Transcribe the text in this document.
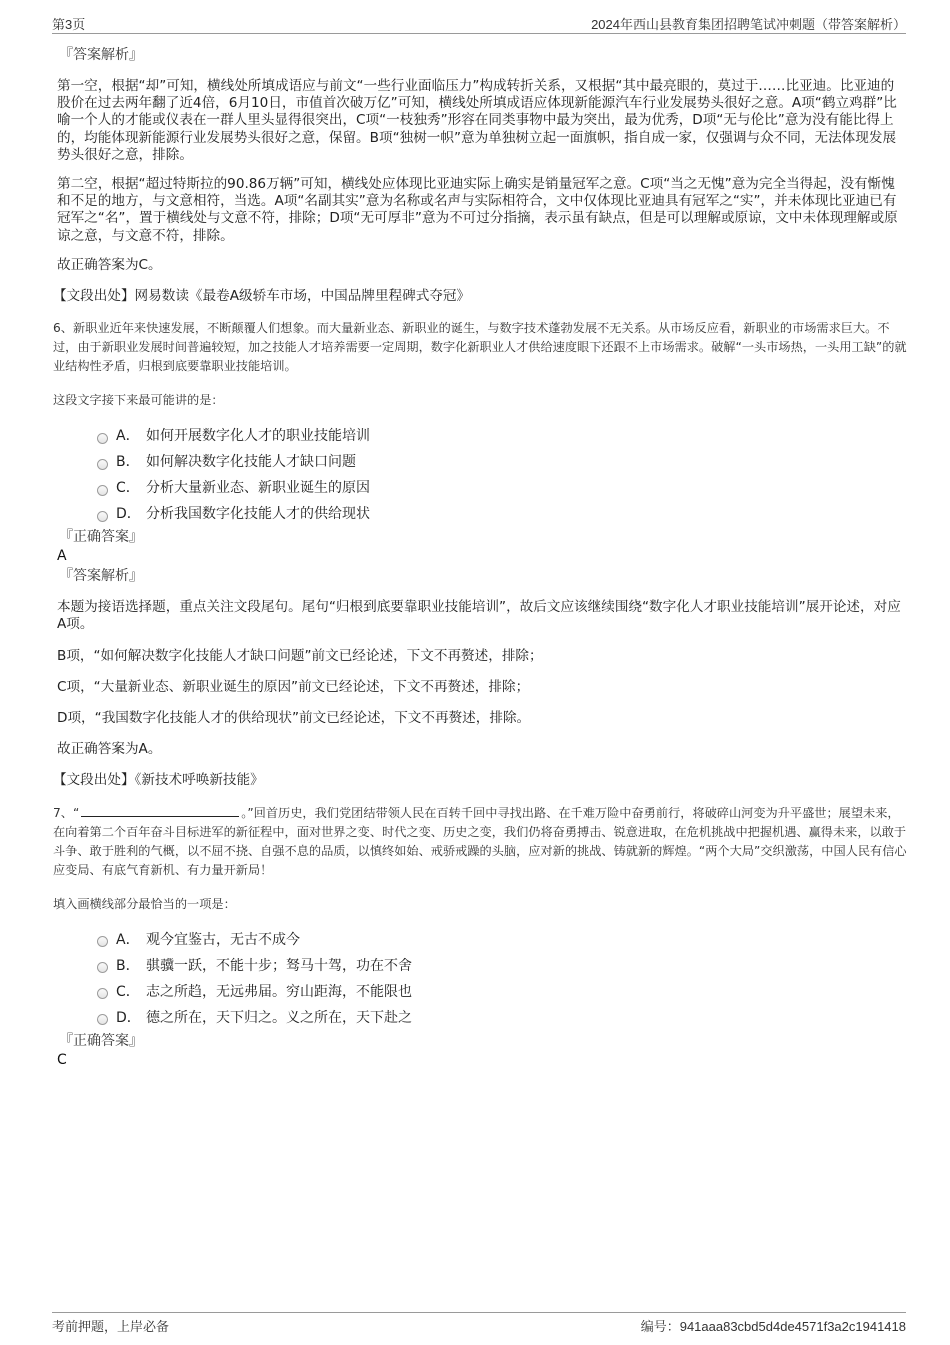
第3页	2024年西山县教育集团招聘笔试冲刺题（带答案解析）
『答案解析』

第一空，根据“却”可知，横线处所填成语应与前文“一些行业面临压力”构成转折关系，又根据“其中最亮眼的，莫过于……比亚迪。比亚迪的股价在过去两年翻了近4倍，6月10日，市值首次破万亿”可知，横线处所填成语应体现新能源汽车行业发展势头很好之意。A项“鹤立鸡群”比喻一个人的才能或仪表在一群人里头显得很突出，C项“一枝独秀”形容在同类事物中最为突出，最为优秀，D项“无与伦比”意为没有能比得上的，均能体现新能源行业发展势头很好之意，保留。B项“独树一帜”意为单独树立起一面旗帜，指自成一家，仅强调与众不同，无法体现发展势头很好之意，排除。

第二空，根据“超过特斯拉的90.86万辆”可知，横线处应体现比亚迪实际上确实是销量冠军之意。C项“当之无愧”意为完全当得起，没有惭愧和不足的地方，与文意相符，当选。A项“名副其实”意为名称或名声与实际相符合，文中仅体现比亚迪具有冠军之“实”，并未体现比亚迪已有冠军之“名”，置于横线处与文意不符，排除；D项“无可厚非”意为不可过分指摘，表示虽有缺点，但是可以理解或原谅，文中未体现理解或原谅之意，与文意不符，排除。

故正确答案为C。

【文段出处】网易数读《最卷A级轿车市场，中国品牌里程碑式夺冠》

6、新职业近年来快速发展，不断颠覆人们想象。而大量新业态、新职业的诞生，与数字技术蓬勃发展不无关系。从市场反应看，新职业的市场需求巨大。不过，由于新职业发展时间普遍较短，加之技能人才培养需要一定周期，数字化新职业人才供给速度眼下还跟不上市场需求。破解“一头市场热，一头用工缺”的就业结构性矛盾，归根到底要靠职业技能培训。

这段文字接下来最可能讲的是：

A． 如何开展数字化人才的职业技能培训
B． 如何解决数字化技能人才缺口问题
C． 分析大量新业态、新职业诞生的原因
D． 分析我国数字化技能人才的供给现状
『正确答案』
A
『答案解析』

本题为接语选择题，重点关注文段尾句。尾句“归根到底要靠职业技能培训”，故后文应该继续围绕“数字化人才职业技能培训”展开论述，对应A项。

B项，“如何解决数字化技能人才缺口问题”前文已经论述，下文不再赘述，排除；

C项，“大量新业态、新职业诞生的原因”前文已经论述，下文不再赘述，排除；

D项，“我国数字化技能人才的供给现状”前文已经论述，下文不再赘述，排除。

故正确答案为A。

【文段出处】《新技术呼唤新技能》

7、“	。”回首历史，我们党团结带领人民在百转千回中寻找出路、在千难万险中奋勇前行，将破碎山河变为升平盛世；展望未来，在向着第二个百年奋斗目标进军的新征程中，面对世界之变、时代之变、历史之变，我们仍将奋勇搏击、锐意进取，在危机挑战中把握机遇、赢得未来，以敢于斗争、敢于胜利的气概，以不屈不挠、自强不息的品质，以慎终如始、戒骄戒躁的头脑，应对新的挑战、铸就新的辉煌。“两个大局”交织激荡，中国人民有信心应变局、有底气育新机、有力量开新局！

填入画横线部分最恰当的一项是：

A． 观今宜鉴古，无古不成今
B． 骐骥一跃，不能十步；驽马十驾，功在不舍
C． 志之所趋，无远弗届。穷山距海，不能限也
D． 德之所在，天下归之。义之所在，天下赴之
『正确答案』
C
考前押题，上岸必备	编号：941aaa83cbd5d4de4571f3a2c1941418
